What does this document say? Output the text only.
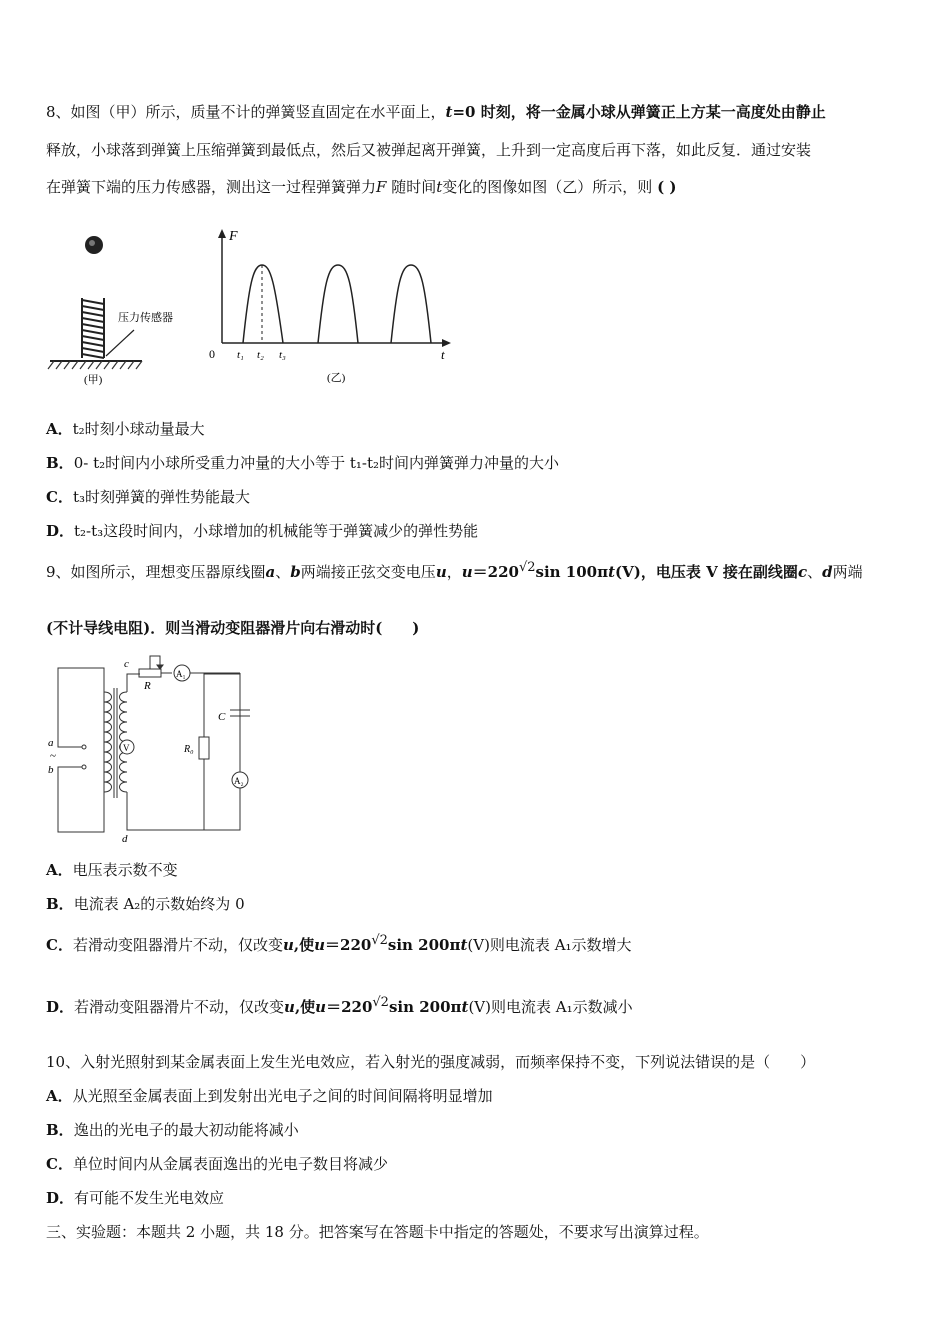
8、如图（甲）所示，质量不计的弹簧竖直固定在水平面上，t=0 时刻，将一金属小球从弹簧正上方某一高度处由静止
释放，小球落到弹簧上压缩弹簧到最低点，然后又被弹起离开弹簧，上升到一定高度后再下落，如此反复．通过安装
在弹簧下端的压力传感器，测出这一过程弹簧弹力F 随时间t变化的图像如图（乙）所示，则 ( )
压力传感器
(甲)
F
t
0 t₁ t₂ t₃
(乙)
A．t₂时刻小球动量最大
B．0- t₂时间内小球所受重力冲量的大小等于 t₁-t₂时间内弹簧弹力冲量的大小
C．t₃时刻弹簧的弹性势能最大
D．t₂-t₃这段时间内，小球增加的机械能等于弹簧减少的弹性势能
9、如图所示，理想变压器原线圈a、b两端接正弦交变电压u，u＝220√2sin 100πt(V)，电压表 V 接在副线圈c、d两端
(不计导线电阻)．则当滑动变阻器滑片向右滑动时(　　)
c
d
R
A₁
V
C
R₀
A₂
a
~
b
A．电压表示数不变
B．电流表 A₂的示数始终为 0
C．若滑动变阻器滑片不动，仅改变u,使u＝220√2sin 200πt(V)则电流表 A₁示数增大
D．若滑动变阻器滑片不动，仅改变u,使u＝220√2sin 200πt(V)则电流表 A₁示数减小
10、入射光照射到某金属表面上发生光电效应，若入射光的强度减弱，而频率保持不变，下列说法错误的是（　　）
A．从光照至金属表面上到发射出光电子之间的时间间隔将明显增加
B．逸出的光电子的最大初动能将减小
C．单位时间内从金属表面逸出的光电子数目将减少
D．有可能不发生光电效应
三、实验题：本题共 2 小题，共 18 分。把答案写在答题卡中指定的答题处，不要求写出演算过程。
